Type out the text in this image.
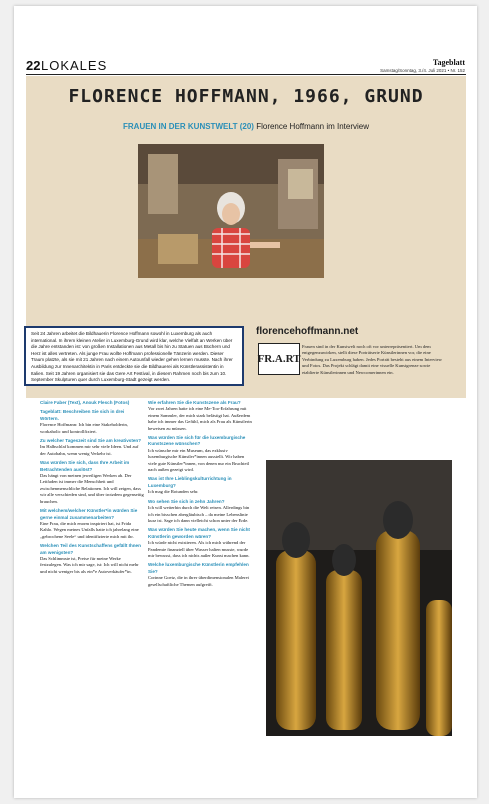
22 LOKALES	Tageblatt
Samstag/Sonntag, 3./4. Juli 2021 • Nr. 152
FLORENCE HOFFMANN, 1966, GRUND
FRAUEN IN DER KUNSTWELT (20) Florence Hoffmann im Interview
Seit 24 Jahren arbeitet die Bildhauerin Florence Hoffmann sowohl in Luxemburg als auch international. In ihrem kleinen Atelier in Luxemburg-Grund wird klar, welche Vielfalt an Werken über die Jahre entstanden ist: von großen Installationen aus Metall bis hin zu Statuen aus Büchern und Herz ist alles vertreten. Als junge Frau wollte Hoffmann professionelle Tänzerin werden. Dieser Traum platzte, als sie mit 21 Jahren nach einem Autounfall wieder gehen lernen musste. Nach ihrer Ausbildung zur Innenarchitektin in Paris entdeckte sie die Bildhauerei als Künstlerassistentin in Italien. Seit 19 Jahren organisiert sie das Gere Art Festival, in diesem Rahmen noch bis zum 10. September Skulpturen quer durch Luxemburg-Stadt gezeigt werden.
florencehoffmann.net
FR.A.RT
Frauen sind in der Kunstwelt noch oft vor unterrepräsentiert. Um dem entgegenzuwirken, stellt diese Porträtserie Künstlerinnen vor, die eine Verbindung zu Luxemburg haben. Jedes Porträt besteht aus einem Interview und Fotos. Das Projekt schlägt damit eine visuelle Kunstgrenze sowie etablierte Künstlerinnen und Newcomerinnen ein.
Claire Faber (Text), Anouk Flesch (Fotos)
Tageblatt: Beschreiben Sie sich in drei Wörtern.
Florence Hoffmann: Ich bin eine Stakeholderin, workaholic und kontrollfixiert.
Zu welcher Tageszeit sind Sie am kreativsten?
Im Halbschlaf kommen mir sehr viele Ideen. Und auf der Autobahn, wenn wenig Verkehr ist.
Was würden Sie sich, dass Ihre Arbeit im Betrachtenden auslöst?
Das hängt von meinen jeweiligen Werken ab. Der Leitfaden ist immer die Menschheit und zwischenmenschliche Relationen. Ich will zeigen, dass wir alle verschieden sind, und über trotzdem gegenseitig brauchen.
Mit welchem/welcher Künstler*in würden Sie gerne einmal zusammenarbeiten?
Eine Frau, die mich enorm inspiriert hat, ist Frida Kahlo. Wegen meines Unfalls hatte ich jahrelang eine „gebrochene Seele“ und identifizierte mich mit ihr.
Welchen Teil des Kunstschaffens gefällt Ihnen am wenigsten?
Das Schlimmste ist, Preise für meine Werke festzulegen. Was ich mir sage, ist: Ich will nicht mehr und nicht weniger bis als ein*e Autoverkäufer*in.
Wie erfahren Sie die Kunstszene als Frau?
Vor zwei Jahren hatte ich eine Me-Too-Erfahrung mit einem Sammler, der mich stark belästigt hat. Außerdem habe ich immer das Gefühl, mich als Frau als Künstlerin beweisen zu müssen.
Was würden Sie sich für die luxemburgische Kunstszene wünschen?
Ich wünsche mir ein Museum, das exklusiv luxemburgische Künstler*innen ausstellt. Wir haben viele gute Künstler*innen, von denen nur ein Bruchteil nach außen gezeigt wird.
Was ist Ihre Lieblingskulturrichtung in Luxemburg?
Ich mag die Rotunden sehr.
Wo sehen Sie sich in zehn Jahren?
Ich will weiterhin durch die Welt reisen. Allerdings bin ich ein bisschen abergläubisch – da meine Lebenslinie kurz ist. Sage ich dann vielleicht schon unter der Erde.
Was würden Sie heute machen, wenn Sie nicht Künstlerin geworden wären?
Ich würde nicht existieren. Als ich mich während der Pandemie finanziell über Wasser halten musste, wurde mir bewusst, dass ich nichts außer Kunst machen kann.
Welche luxemburgische Künstlerin empfehlen Sie?
Corinne Goetz, die in ihrer überdimensionalen Malerei gesellschaftliche Themen aufgreift.
